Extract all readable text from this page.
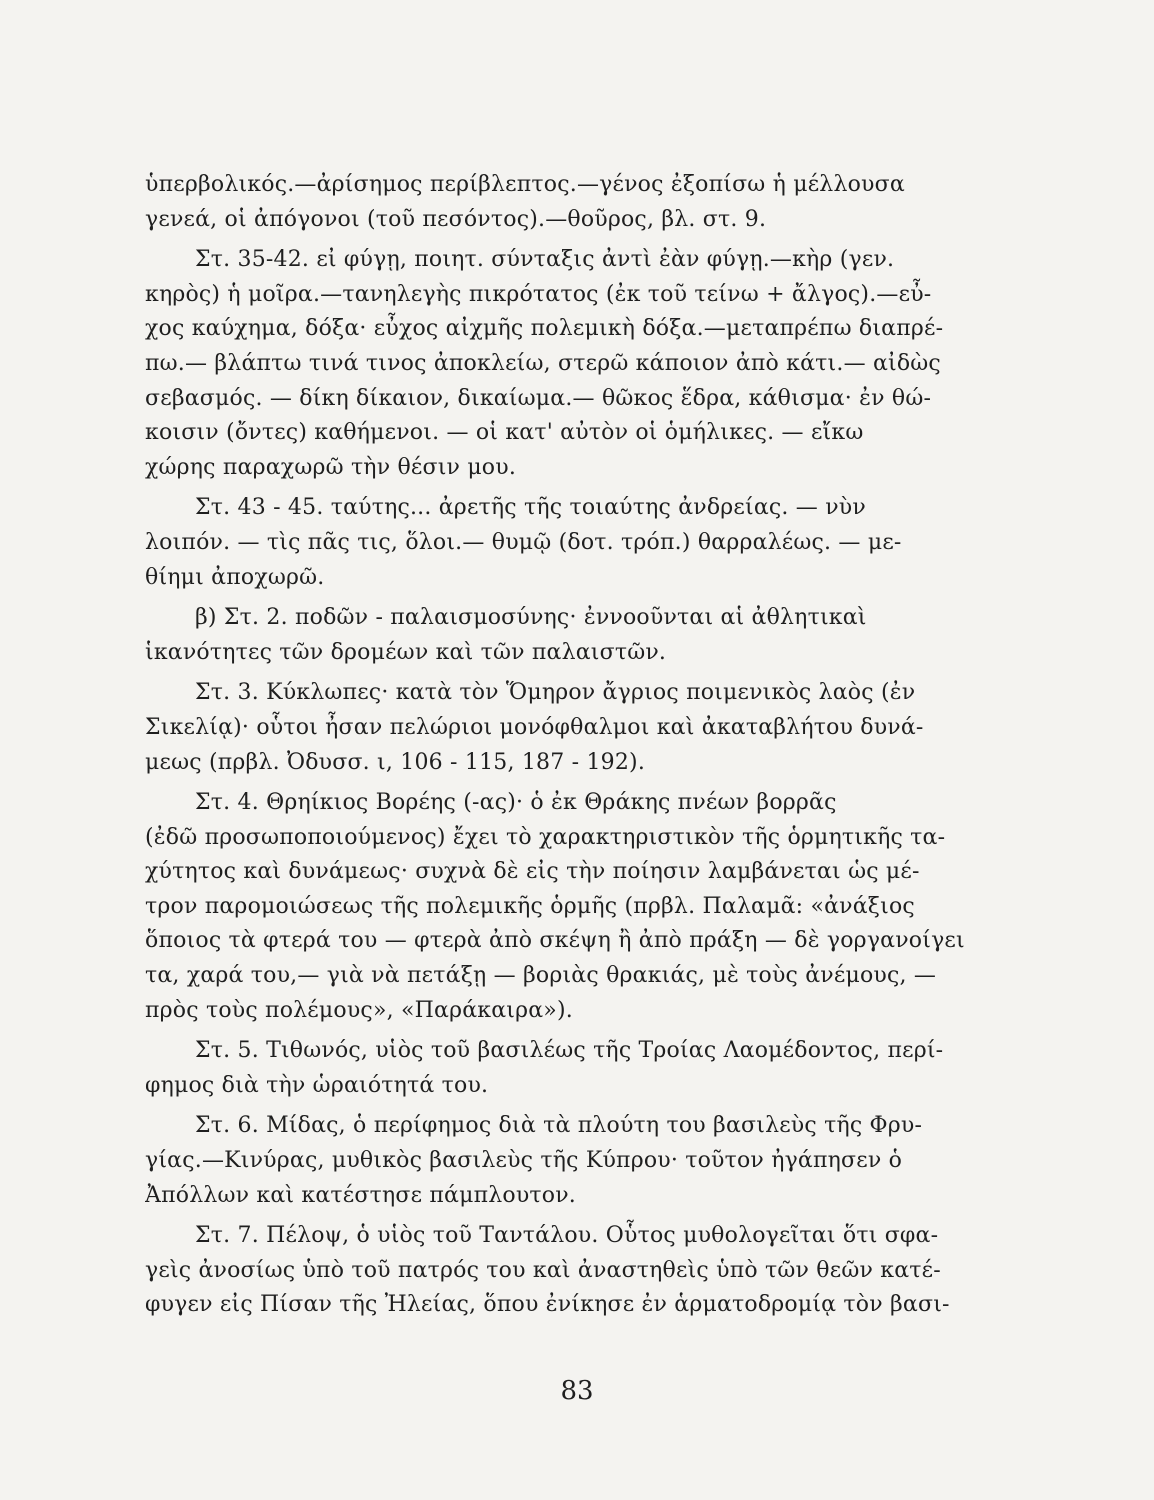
ὑπερβολικός.—ἀρίσημος περίβλεπτος.—γένος ἐξοπίσω ἡ μέλλουσα
γενεά, οἱ ἀπόγονοι (τοῦ πεσόντος).—θοῦρος, βλ. στ. 9.
Στ. 35-42. εἰ φύγῃ, ποιητ. σύνταξις ἀντὶ ἐὰν φύγῃ.—κὴρ (γεν.
κηρὸς) ἡ μοῖρα.—τανηλεγὴς πικρότατος (ἐκ τοῦ τείνω + ἄλγος).—εὖ-
χος καύχημα, δόξα· εὖχος αἰχμῆς πολεμικὴ δόξα.—μεταπρέπω διαπρέ-
πω.— βλάπτω τινά τινος ἀποκλείω, στερῶ κάποιον ἀπὸ κάτι.— αἰδὼς
σεβασμός. — δίκη δίκαιον, δικαίωμα.— θῶκος ἕδρα, κάθισμα· ἐν θώ-
κοισιν (ὄντες) καθήμενοι. — οἱ κατ' αὐτὸν οἱ ὁμήλικες. — εἴκω
χώρης παραχωρῶ τὴν θέσιν μου.
Στ. 43 - 45. ταύτης... ἀρετῆς τῆς τοιαύτης ἀνδρείας. — νὺν
λοιπόν. — τὶς πᾶς τις, ὅλοι.— θυμῷ (δοτ. τρόπ.) θαρραλέως. — με-
θίημι ἀποχωρῶ.
β) Στ. 2. ποδῶν - παλαισμοσύνης· ἐννοοῦνται αἱ ἀθλητικαὶ
ἱκανότητες τῶν δρομέων καὶ τῶν παλαιστῶν.
Στ. 3. Κύκλωπες· κατὰ τὸν Ὅμηρον ἄγριος ποιμενικὸς λαὸς (ἐν
Σικελίᾳ)· οὗτοι ἦσαν πελώριοι μονόφθαλμοι καὶ ἀκαταβλήτου δυνά-
μεως (πρβλ. Ὀδυσσ. ι, 106 - 115, 187 - 192).
Στ. 4. Θρηίκιος Βορέης (-ας)· ὁ ἐκ Θράκης πνέων βορρᾶς
(ἐδῶ προσωποποιούμενος) ἔχει τὸ χαρακτηριστικὸν τῆς ὁρμητικῆς τα-
χύτητος καὶ δυνάμεως· συχνὰ δὲ εἰς τὴν ποίησιν λαμβάνεται ὡς μέ-
τρον παρομοιώσεως τῆς πολεμικῆς ὁρμῆς (πρβλ. Παλαμᾶ: «ἀνάξιος
ὅποιος τὰ φτερά του — φτερὰ ἀπὸ σκέψη ἢ ἀπὸ πράξη — δὲ γοργανοίγει
τα, χαρά του,— γιὰ νὰ πετάξῃ — βοριὰς θρακιάς, μὲ τοὺς ἀνέμους, —
πρὸς τοὺς πολέμους», «Παράκαιρα»).
Στ. 5. Τιθωνός, υἱὸς τοῦ βασιλέως τῆς Τροίας Λαομέδοντος, περί-
φημος διὰ τὴν ὡραιότητά του.
Στ. 6. Μίδας, ὁ περίφημος διὰ τὰ πλούτη του βασιλεὺς τῆς Φρυ-
γίας.—Κινύρας, μυθικὸς βασιλεὺς τῆς Κύπρου· τοῦτον ἠγάπησεν ὁ
Ἀπόλλων καὶ κατέστησε πάμπλουτον.
Στ. 7. Πέλοψ, ὁ υἱὸς τοῦ Ταντάλου. Οὗτος μυθολογεῖται ὅτι σφα-
γεὶς ἀνοσίως ὑπὸ τοῦ πατρός του καὶ ἀναστηθεὶς ὑπὸ τῶν θεῶν κατέ-
φυγεν εἰς Πίσαν τῆς Ἠλείας, ὅπου ἐνίκησε ἐν ἁρματοδρομίᾳ τὸν βασι-
83
